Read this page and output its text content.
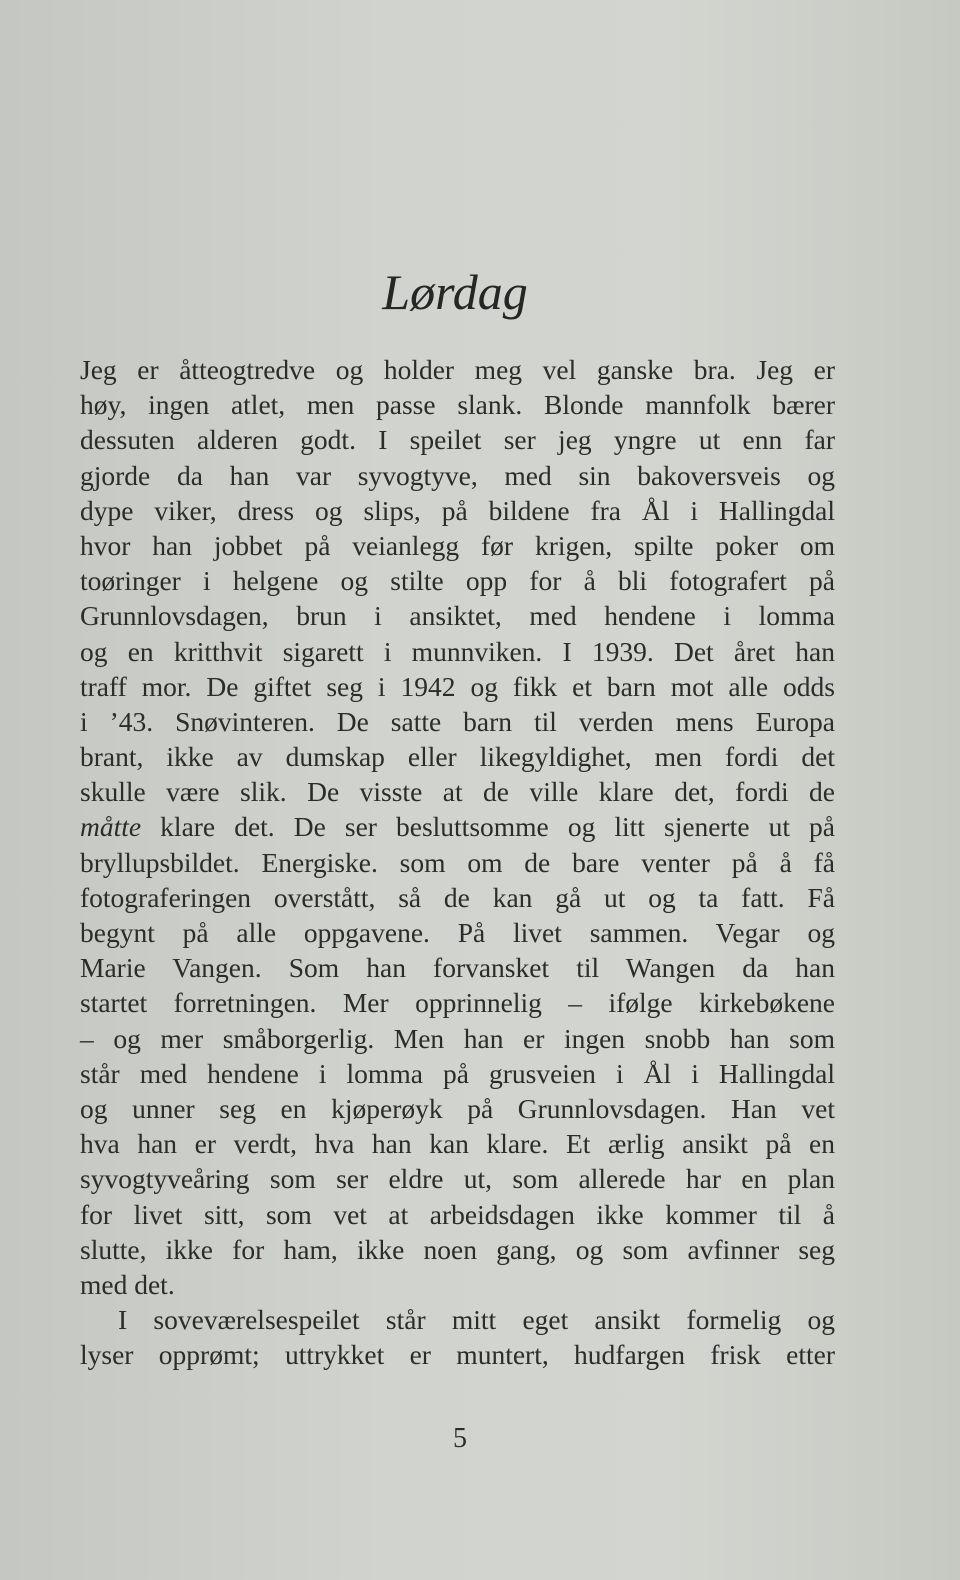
Lørdag
Jeg er åtteogtredve og holder meg vel ganske bra. Jeg er
høy, ingen atlet, men passe slank. Blonde mannfolk bærer
dessuten alderen godt. I speilet ser jeg yngre ut enn far
gjorde da han var syvogtyve, med sin bakoversveis og
dype viker, dress og slips, på bildene fra Ål i Hallingdal
hvor han jobbet på veianlegg før krigen, spilte poker om
toøringer i helgene og stilte opp for å bli fotografert på
Grunnlovsdagen, brun i ansiktet, med hendene i lomma
og en kritthvit sigarett i munnviken. I 1939. Det året han
traff mor. De giftet seg i 1942 og fikk et barn mot alle odds
i ’43. Snøvinteren. De satte barn til verden mens Europa
brant, ikke av dumskap eller likegyldighet, men fordi det
skulle være slik. De visste at de ville klare det, fordi de
måtte klare det. De ser besluttsomme og litt sjenerte ut på
bryllupsbildet. Energiske. som om de bare venter på å få
fotograferingen overstått, så de kan gå ut og ta fatt. Få
begynt på alle oppgavene. På livet sammen. Vegar og
Marie Vangen. Som han forvansket til Wangen da han
startet forretningen. Mer opprinnelig – ifølge kirkebøkene
– og mer småborgerlig. Men han er ingen snobb han som
står med hendene i lomma på grusveien i Ål i Hallingdal
og unner seg en kjøperøyk på Grunnlovsdagen. Han vet
hva han er verdt, hva han kan klare. Et ærlig ansikt på en
syvogtyveåring som ser eldre ut, som allerede har en plan
for livet sitt, som vet at arbeidsdagen ikke kommer til å
slutte, ikke for ham, ikke noen gang, og som avfinner seg
med det.
I soveværelsespeilet står mitt eget ansikt formelig og
lyser opprømt; uttrykket er muntert, hudfargen frisk etter
5
